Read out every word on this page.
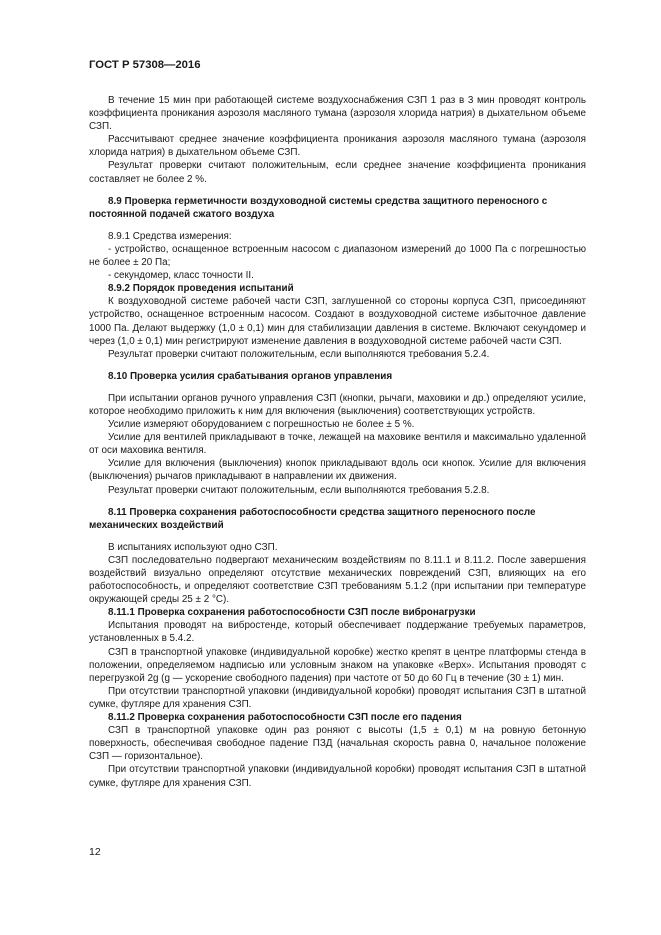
ГОСТ Р 57308—2016

В течение 15 мин при работающей системе воздухоснабжения СЗП 1 раз в 3 мин проводят контроль коэффициента проникания аэрозоля масляного тумана (аэрозоля хлорида натрия) в дыхательном объеме СЗП.

Рассчитывают среднее значение коэффициента проникания аэрозоля масляного тумана (аэрозоля хлорида натрия) в дыхательном объеме СЗП.

Результат проверки считают положительным, если среднее значение коэффициента проникания составляет не более 2 %.

8.9 Проверка герметичности воздуховодной системы средства защитного переносного с постоянной подачей сжатого воздуха

8.9.1 Средства измерения:

- устройство, оснащенное встроенным насосом с диапазоном измерений до 1000 Па с погрешностью не более ± 20 Па;

- секундомер, класс точности II.

8.9.2 Порядок проведения испытаний

К воздуховодной системе рабочей части СЗП, заглушенной со стороны корпуса СЗП, присоединяют устройство, оснащенное встроенным насосом. Создают в воздуховодной системе избыточное давление 1000 Па. Делают выдержку (1,0 ± 0,1) мин для стабилизации давления в системе. Включают секундомер и через (1,0 ± 0,1) мин регистрируют изменение давления в воздуховодной системе рабочей части СЗП.

Результат проверки считают положительным, если выполняются требования 5.2.4.

8.10 Проверка усилия срабатывания органов управления

При испытании органов ручного управления СЗП (кнопки, рычаги, маховики и др.) определяют усилие, которое необходимо приложить к ним для включения (выключения) соответствующих устройств.

Усилие измеряют оборудованием с погрешностью не более ± 5 %.

Усилие для вентилей прикладывают в точке, лежащей на маховике вентиля и максимально удаленной от оси маховика вентиля.

Усилие для включения (выключения) кнопок прикладывают вдоль оси кнопок. Усилие для включения (выключения) рычагов прикладывают в направлении их движения.

Результат проверки считают положительным, если выполняются требования 5.2.8.

8.11 Проверка сохранения работоспособности средства защитного переносного после механических воздействий

В испытаниях используют одно СЗП.

СЗП последовательно подвергают механическим воздействиям по 8.11.1 и 8.11.2. После завершения воздействий визуально определяют отсутствие механических повреждений СЗП, влияющих на его работоспособность, и определяют соответствие СЗП требованиям 5.1.2 (при испытании при температуре окружающей среды 25 ± 2 °С).

8.11.1 Проверка сохранения работоспособности СЗП после вибронагрузки

Испытания проводят на вибростенде, который обеспечивает поддержание требуемых параметров, установленных в 5.4.2.

СЗП в транспортной упаковке (индивидуальной коробке) жестко крепят в центре платформы стенда в положении, определяемом надписью или условным знаком на упаковке «Верх». Испытания проводят с перегрузкой 2g (g — ускорение свободного падения) при частоте от 50 до 60 Гц в течение (30 ± 1) мин.

При отсутствии транспортной упаковки (индивидуальной коробки) проводят испытания СЗП в штатной сумке, футляре для хранения СЗП.

8.11.2 Проверка сохранения работоспособности СЗП после его падения

СЗП в транспортной упаковке один раз роняют с высоты (1,5 ± 0,1) м на ровную бетонную поверхность, обеспечивая свободное падение ПЗД (начальная скорость равна 0, начальное положение СЗП — горизонтальное).

При отсутствии транспортной упаковки (индивидуальной коробки) проводят испытания СЗП в штатной сумке, футляре для хранения СЗП.

12
